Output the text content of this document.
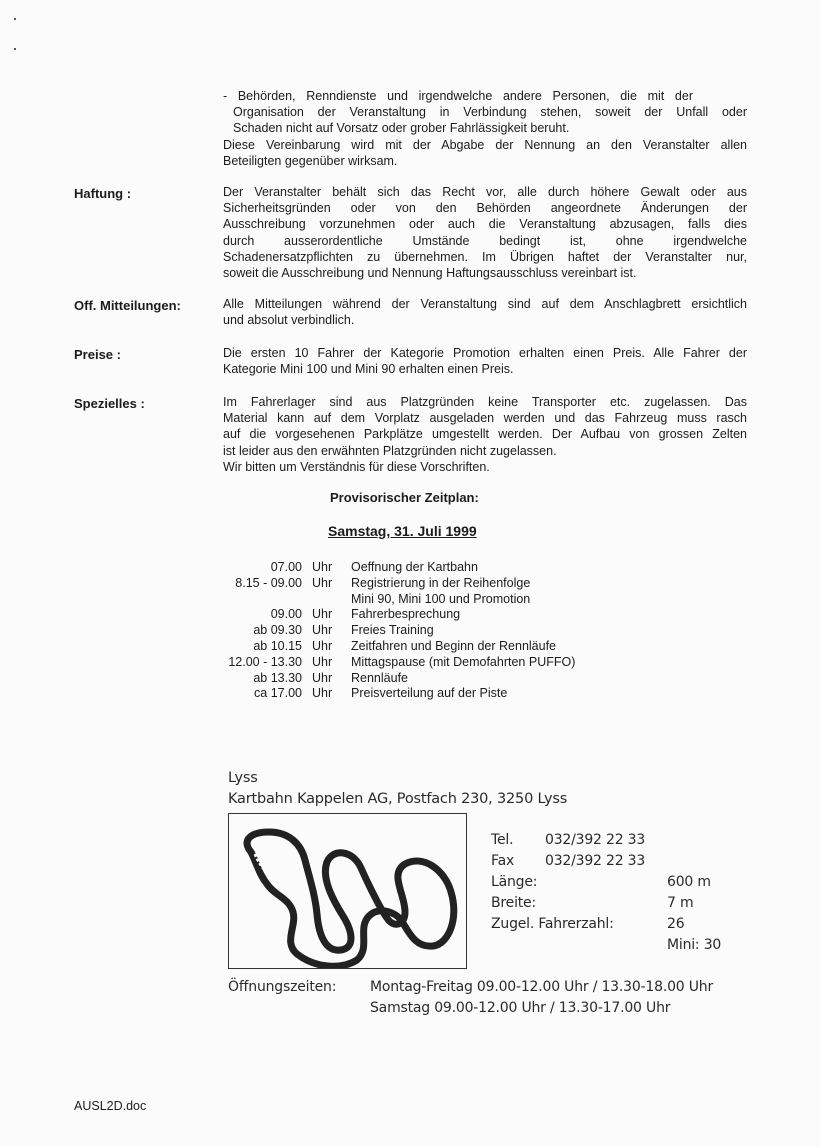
- Behörden, Renndienste und irgendwelche andere Personen, die mit der
Organisation der Veranstaltung in Verbindung stehen, soweit der Unfall oder
Schaden nicht auf Vorsatz oder grober Fahrlässigkeit beruht.
Diese Vereinbarung wird mit der Abgabe der Nennung an den Veranstalter allen
Beteiligten gegenüber wirksam.
Haftung :	Der Veranstalter behält sich das Recht vor, alle durch höhere Gewalt oder aus
Sicherheitsgründen oder von den Behörden angeordnete Änderungen der
Ausschreibung vorzunehmen oder auch die Veranstaltung abzusagen, falls dies
durch ausserordentliche Umstände bedingt ist, ohne irgendwelche
Schadenersatzpflichten zu übernehmen. Im Übrigen haftet der Veranstalter nur,
soweit die Ausschreibung und Nennung Haftungsausschluss vereinbart ist.
Off. Mitteilungen:	Alle Mitteilungen während der Veranstaltung sind auf dem Anschlagbrett ersichtlich
und absolut verbindlich.
Preise :	Die ersten 10 Fahrer der Kategorie Promotion erhalten einen Preis. Alle Fahrer der
Kategorie Mini 100 und Mini 90 erhalten einen Preis.
Spezielles :	Im Fahrerlager sind aus Platzgründen keine Transporter etc. zugelassen. Das
Material kann auf dem Vorplatz ausgeladen werden und das Fahrzeug muss rasch
auf die vorgesehenen Parkplätze umgestellt werden. Der Aufbau von grossen Zelten
ist leider aus den erwähnten Platzgründen nicht zugelassen.
Wir bitten um Verständnis für diese Vorschriften.
Provisorischer Zeitplan:
Samstag, 31. Juli 1999
07.00 Uhr Oeffnung der Kartbahn
8.15 - 09.00 Uhr Registrierung in der Reihenfolge
Mini 90, Mini 100 und Promotion
09.00 Uhr Fahrerbesprechung
ab 09.30 Uhr Freies Training
ab 10.15 Uhr Zeitfahren und Beginn der Rennläufe
12.00 - 13.30 Uhr Mittagspause (mit Demofahrten PUFFO)
ab 13.30 Uhr Rennläufe
ca 17.00 Uhr Preisverteilung auf der Piste
Lyss
Kartbahn Kappelen AG, Postfach 230, 3250 Lyss
Tel. 032/392 22 33
Fax 032/392 22 33
Länge:	600 m
Breite:	7 m
Zugel. Fahrerzahl:	26
Mini: 30
Öffnungszeiten: Montag-Freitag 09.00-12.00 Uhr / 13.30-18.00 Uhr
Samstag 09.00-12.00 Uhr / 13.30-17.00 Uhr
AUSL2D.doc
